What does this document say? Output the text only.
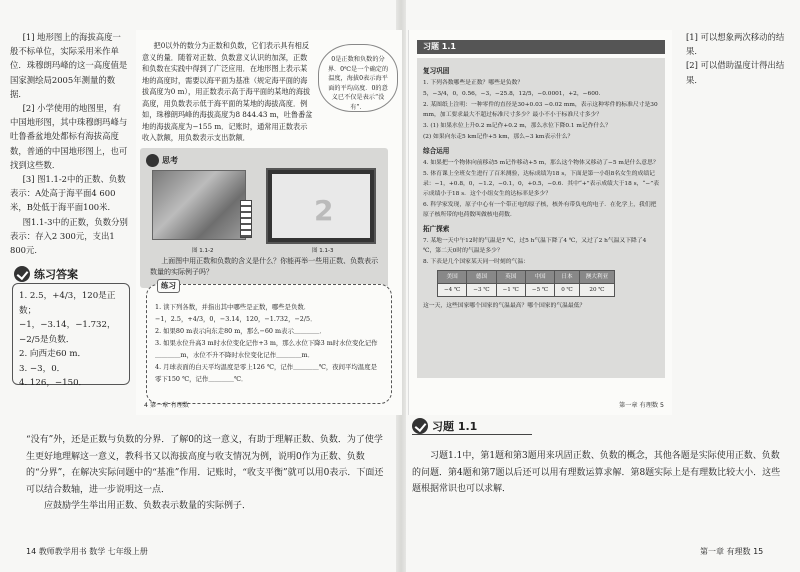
[1] 地形图上的海拔高度一般不标单位，实际采用米作单位．珠穆朗玛峰的这一高度值是国家测绘局2005年测量的数据．

[2] 小学使用的地图里，有中国地形图，其中珠穆朗玛峰与吐鲁番盆地处都标有海拔高度数，普通的中国地形图上，也可找到这些数．

[3] 图1.1-2中的正数、负数表示：A处高于海平面4 600米，B处低于海平面100米．

图1.1-3中的正数，负数分别表示：存入2 300元，支出1 800元．

练习答案
1. 2.5，+4/3，120是正数；
−1，−3.14，−1.732，
−2/5是负数．
2. 向西走60 m．
3. −3，0．
4. 126，−150．

把0以外的数分为正数和负数，它们表示具有相反意义的量．随着对正数、负数意义认识的加深，正数和负数在实践中得到了广泛应用．在地形图上表示某地的高度时，需要以海平面为基准（规定海平面的海拔高度为0 m），用正数表示高于海平面的某地的海拔高度，用负数表示低于海平面的某地的海拔高度．例如，珠穆朗玛峰的海拔高度为8 844.43 m，吐鲁番盆地的海拔高度为−155 m．记账时，通常用正数表示收入款额，用负数表示支出款额．

0是正数和负数的分界．0℃是一个确定的温度，海拔0表示海平面的平均高度．0的意义已不仅是表示“没有”．
思考
2
图 1.1-2	图 1.1-3
上面图中用正数和负数的含义是什么？你能再举一些用正数、负数表示数量的实际例子吗？
练习
1. 读下列各数，并指出其中哪些是正数，哪些是负数．
−1，2.5，+4/3，0，−3.14，120，−1.732，−2/5．
2. 如果80 m表示向东走80 m，那么−60 m表示＿＿＿＿．
3. 如果水位升高3 m时水位变化记作+3 m，那么水位下降3 m时水位变化记作＿＿＿＿m，水位不升不降时水位变化记作＿＿＿＿m．
4. 月球表面的白天平均温度是零上126 ℃，记作＿＿＿＿℃，夜间平均温度是零下150 ℃，记作＿＿＿＿℃．
4 第一章 有理数
习题 1.1
复习巩固

1. 下列各数哪些是正数？哪些是负数？

5，−3/4，0，0.56，−3，−25.8，12/5，−0.0001，+2，−600．

2. 某图纸上注明：一种零件的直径是30+0.03 −0.02 mm，表示这种零件的标准尺寸是30 mm，加工要求最大不超过标准尺寸多少？最小不小于标准尺寸多少？

3. (1) 如果水位上升0.2 m记作+0.2 m，那么水位下降0.1 m记作什么？

(2) 如果向东走5 km记作+5 km，那么−3 km表示什么？

综合运用

4. 如果把一个物体向前移动5 m记作移动+5 m，那么这个物体又移动了−5 m是什么意思？

5. 体育课上全班女生进行了百米测验，达标成绩为18 s，下面是第一小组8名女生的成绩记录：−1，+0.8，0，−1.2，−0.1，0，+0.5，−0.6．其中“+”表示成绩大于18 s，“−”表示成绩小于18 s．这个小组女生的达标率是多少？

6. 科学家发现，原子中心有一个带正电的原子核，核外有带负电的电子．在化学上，我们把原子核所带的电荷数叫做核电荷数．

拓广探索

7. 某地一天中午12时的气温是7 ℃，过5 h气温下降了4 ℃，又过了2 h气温又下降了4 ℃，第二天0时的气温是多少？

8. 下表是几个国家某天同一时刻的气温：

美国	德国	英国	中国	日本	澳大利亚
−4 ℃	−3 ℃	−1 ℃	−5 ℃	0 ℃	20 ℃

这一天，这些国家哪个国家的气温最高？哪个国家的气温最低？

第一章 有理数 5
[1] 可以想象两次移动的结果．
[2] 可以借助温度计得出结果．

“没有”外，还是正数与负数的分界．了解0的这一意义，有助于理解正数、负数．为了使学生更好地理解这一意义，教科书又以海拔高度与收支情况为例，说明0作为正数、负数的“分界”，在解决实际问题中的“基准”作用．记账时，“收支平衡”就可以用0表示．下面还可以结合数轴，进一步说明这一点．

应鼓励学生举出用正数、负数表示数量的实际例子．

习题 1.1
习题1.1中，第1题和第3题用来巩固正数、负数的概念，其他各题是实际使用正数、负数的问题．第4题和第7题以后还可以用有理数运算求解．第8题实际上是有理数比较大小．这些题根据常识也可以求解．
14 教师教学用书 数学 七年级上册	第一章 有理数 15
